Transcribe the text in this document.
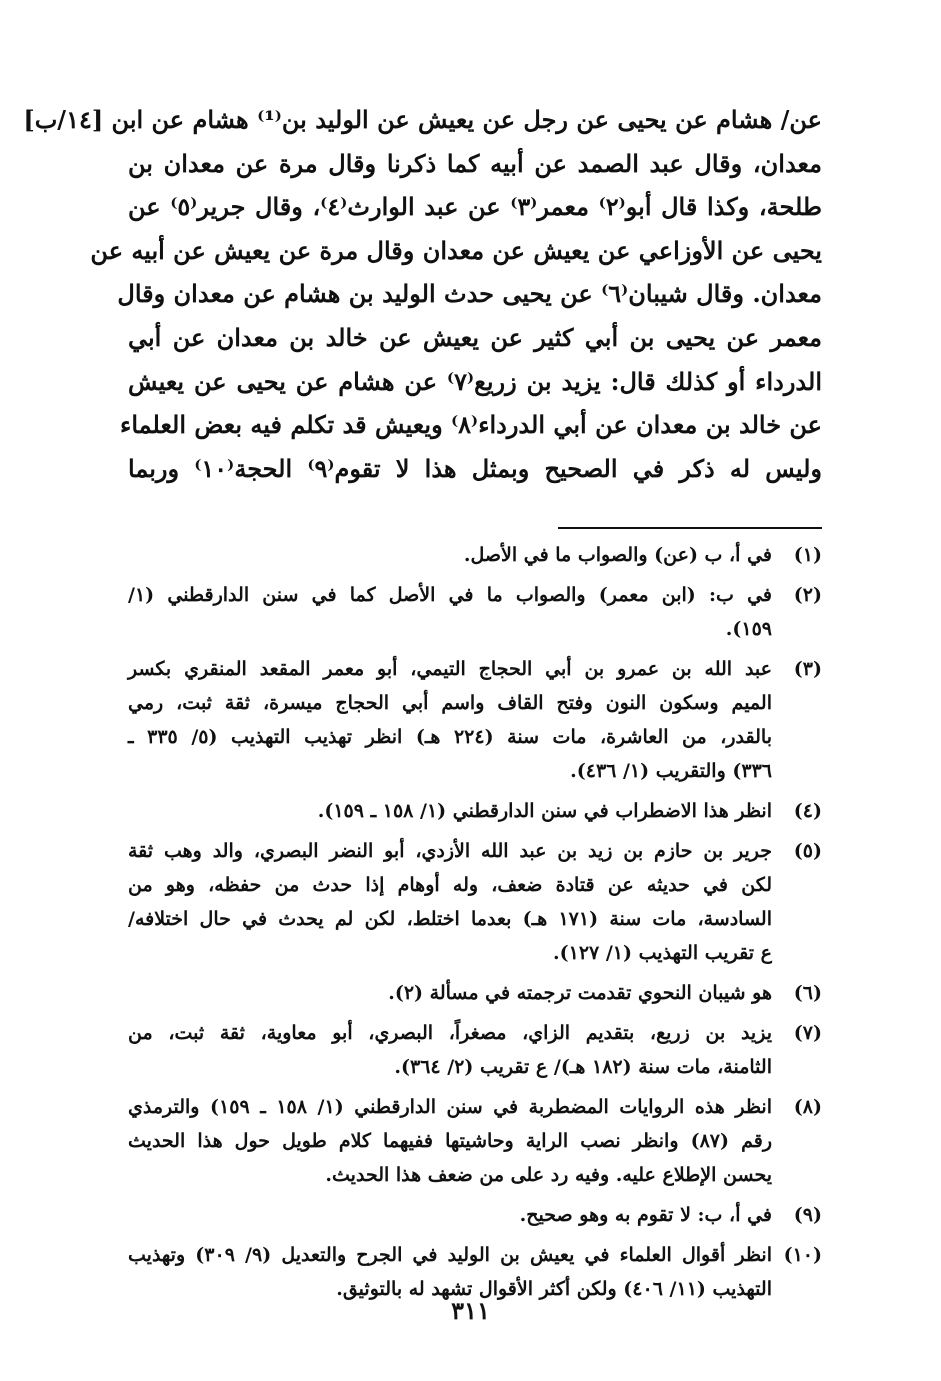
عن/ هشام عن يحيى عن رجل عن يعيش عن الوليد بن⁽¹⁾ هشام عن ابن [١٤/ب]
معدان، وقال عبد الصمد عن أبيه كما ذكرنا وقال مرة عن معدان بن
طلحة، وكذا قال أبو⁽٢⁾ معمر⁽٣⁾ عن عبد الوارث⁽٤⁾، وقال جرير⁽٥⁾ عن
يحيى عن الأوزاعي عن يعيش عن معدان وقال مرة عن يعيش عن أبيه عن
معدان. وقال شيبان⁽٦⁾ عن يحيى حدث الوليد بن هشام عن معدان وقال
معمر عن يحيى بن أبي كثير عن يعيش عن خالد بن معدان عن أبي
الدرداء أو كذلك قال: يزيد بن زريع⁽٧⁾ عن هشام عن يحيى عن يعيش
عن خالد بن معدان عن أبي الدرداء⁽٨⁾ ويعيش قد تكلم فيه بعض العلماء
وليس له ذكر في الصحيح وبمثل هذا لا تقوم⁽٩⁾ الحجة⁽١٠⁾ وربما
(١)
في أ، ب (عن) والصواب ما في الأصل.
(٢)
في ب: (ابن معمر) والصواب ما في الأصل كما في سنن الدارقطني (١/
١٥٩).
(٣)
عبد الله بن عمرو بن أبي الحجاج التيمي، أبو معمر المقعد المنقري بكسر
الميم وسكون النون وفتح القاف واسم أبي الحجاج ميسرة، ثقة ثبت، رمي
بالقدر، من العاشرة، مات سنة (٢٢٤ هـ) انظر تهذيب التهذيب (٥/ ٣٣٥ ـ
٣٣٦) والتقريب (١/ ٤٣٦).
(٤)
انظر هذا الاضطراب في سنن الدارقطني (١/ ١٥٨ ـ ١٥٩).
(٥)
جرير بن حازم بن زيد بن عبد الله الأزدي، أبو النضر البصري، والد وهب ثقة
لكن في حديثه عن قتادة ضعف، وله أوهام إذا حدث من حفظه، وهو من
السادسة، مات سنة (١٧١ هـ) بعدما اختلط، لكن لم يحدث في حال اختلافه/
ع تقريب التهذيب (١/ ١٢٧).
(٦)
هو شيبان النحوي تقدمت ترجمته في مسألة (٢).
(٧)
يزيد بن زريع، بتقديم الزاي، مصغراً، البصري، أبو معاوية، ثقة ثبت، من
الثامنة، مات سنة (١٨٢ هـ)/ ع تقريب (٢/ ٣٦٤).
(٨)
انظر هذه الروايات المضطربة في سنن الدارقطني (١/ ١٥٨ ـ ١٥٩) والترمذي
رقم (٨٧) وانظر نصب الراية وحاشيتها ففيهما كلام طويل حول هذا الحديث
يحسن الإطلاع عليه. وفيه رد على من ضعف هذا الحديث.
(٩)
في أ، ب: لا تقوم به وهو صحيح.
(١٠)
انظر أقوال العلماء في يعيش بن الوليد في الجرح والتعديل (٩/ ٣٠٩) وتهذيب
التهذيب (١١/ ٤٠٦) ولكن أكثر الأقوال تشهد له بالتوثيق.
٣١١
